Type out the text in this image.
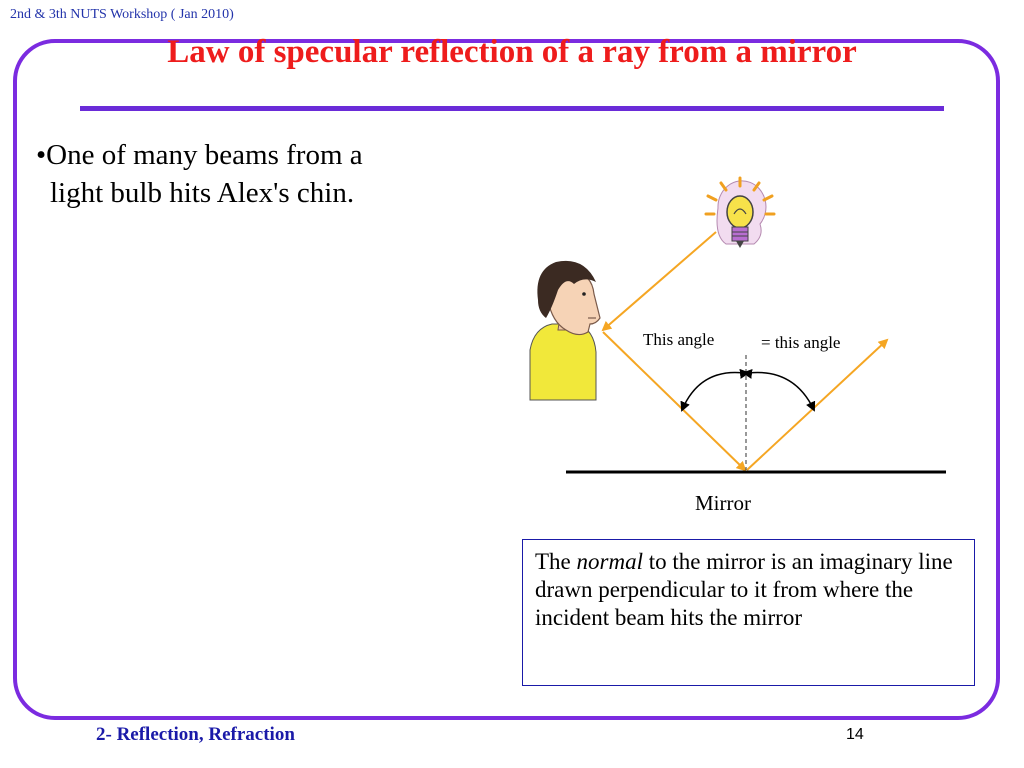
2nd & 3th NUTS Workshop ( Jan 2010)
Law of specular reflection of a ray from a mirror
•One of many beams from a
light bulb hits Alex's chin.
This angle	= this angle
Mirror
The normal to the mirror is an imaginary line drawn perpendicular to it from where the incident beam hits the mirror
2- Reflection, Refraction	14
